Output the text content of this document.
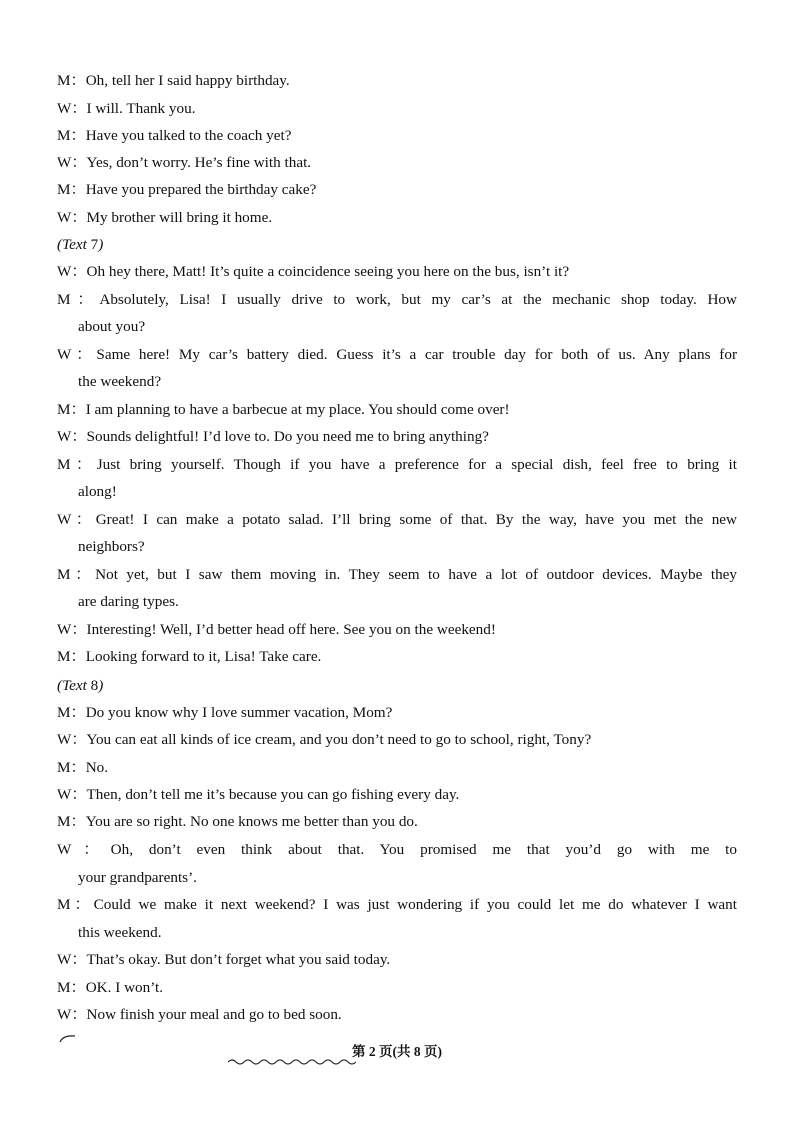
M：Oh, tell her I said happy birthday.
W：I will. Thank you.
M：Have you talked to the coach yet?
W：Yes, don’t worry. He’s fine with that.
M：Have you prepared the birthday cake?
W：My brother will bring it home.
(Text 7)
W：Oh hey there, Matt! It’s quite a coincidence seeing you here on the bus, isn’t it?
M：Absolutely, Lisa! I usually drive to work, but my car’s at the mechanic shop today. How
about you?
W：Same here! My car’s battery died. Guess it’s a car trouble day for both of us. Any plans for
the weekend?
M：I am planning to have a barbecue at my place. You should come over!
W：Sounds delightful! I’d love to. Do you need me to bring anything?
M：Just bring yourself. Though if you have a preference for a special dish, feel free to bring it
along!
W：Great! I can make a potato salad. I’ll bring some of that. By the way, have you met the new
neighbors?
M：Not yet, but I saw them moving in. They seem to have a lot of outdoor devices. Maybe they
are daring types.
W：Interesting! Well, I’d better head off here. See you on the weekend!
M：Looking forward to it, Lisa! Take care.
(Text 8)
M：Do you know why I love summer vacation, Mom?
W：You can eat all kinds of ice cream, and you don’t need to go to school, right, Tony?
M：No.
W：Then, don’t tell me it’s because you can go fishing every day.
M：You are so right. No one knows me better than you do.
W：Oh, don’t even think about that. You promised me that you’d go with me to
your grandparents’.
M：Could we make it next weekend? I was just wondering if you could let me do whatever I want
this weekend.
W：That’s okay. But don’t forget what you said today.
M：OK. I won’t.
W：Now finish your meal and go to bed soon.
第 2 页(共 8 页)
